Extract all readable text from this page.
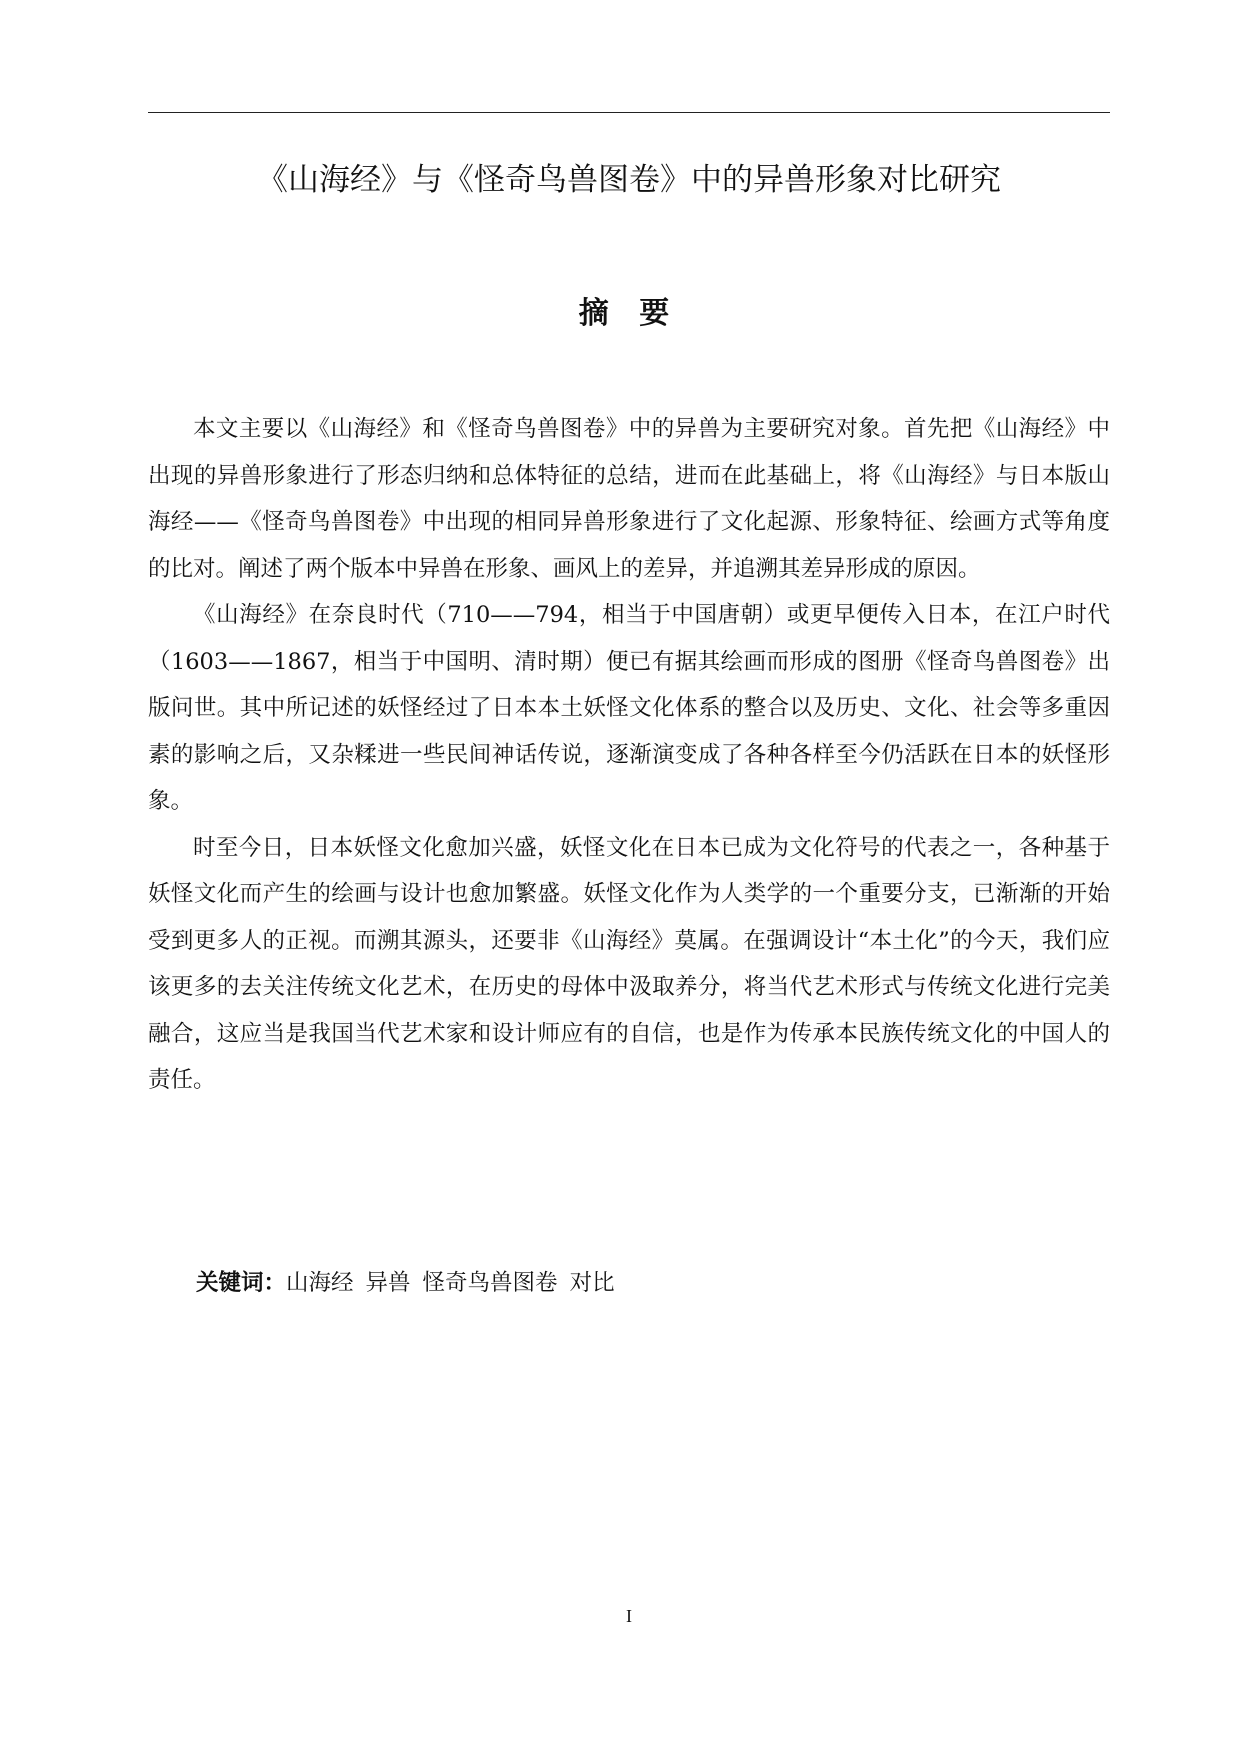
《山海经》与《怪奇鸟兽图卷》中的异兽形象对比研究
摘 要

本文主要以《山海经》和《怪奇鸟兽图卷》中的异兽为主要研究对象。首先把《山海经》中出现的异兽形象进行了形态归纳和总体特征的总结，进而在此基础上，将《山海经》与日本版山海经——《怪奇鸟兽图卷》中出现的相同异兽形象进行了文化起源、形象特征、绘画方式等角度的比对。阐述了两个版本中异兽在形象、画风上的差异，并追溯其差异形成的原因。

《山海经》在奈良时代（710——794，相当于中国唐朝）或更早便传入日本，在江户时代（1603——1867，相当于中国明、清时期）便已有据其绘画而形成的图册《怪奇鸟兽图卷》出版问世。其中所记述的妖怪经过了日本本土妖怪文化体系的整合以及历史、文化、社会等多重因素的影响之后，又杂糅进一些民间神话传说，逐渐演变成了各种各样至今仍活跃在日本的妖怪形象。

时至今日，日本妖怪文化愈加兴盛，妖怪文化在日本已成为文化符号的代表之一，各种基于妖怪文化而产生的绘画与设计也愈加繁盛。妖怪文化作为人类学的一个重要分支，已渐渐的开始受到更多人的正视。而溯其源头，还要非《山海经》莫属。在强调设计“本土化”的今天，我们应该更多的去关注传统文化艺术，在历史的母体中汲取养分，将当代艺术形式与传统文化进行完美融合，这应当是我国当代艺术家和设计师应有的自信，也是作为传承本民族传统文化的中国人的责任。

关键词：山海经 异兽 怪奇鸟兽图卷 对比
I
